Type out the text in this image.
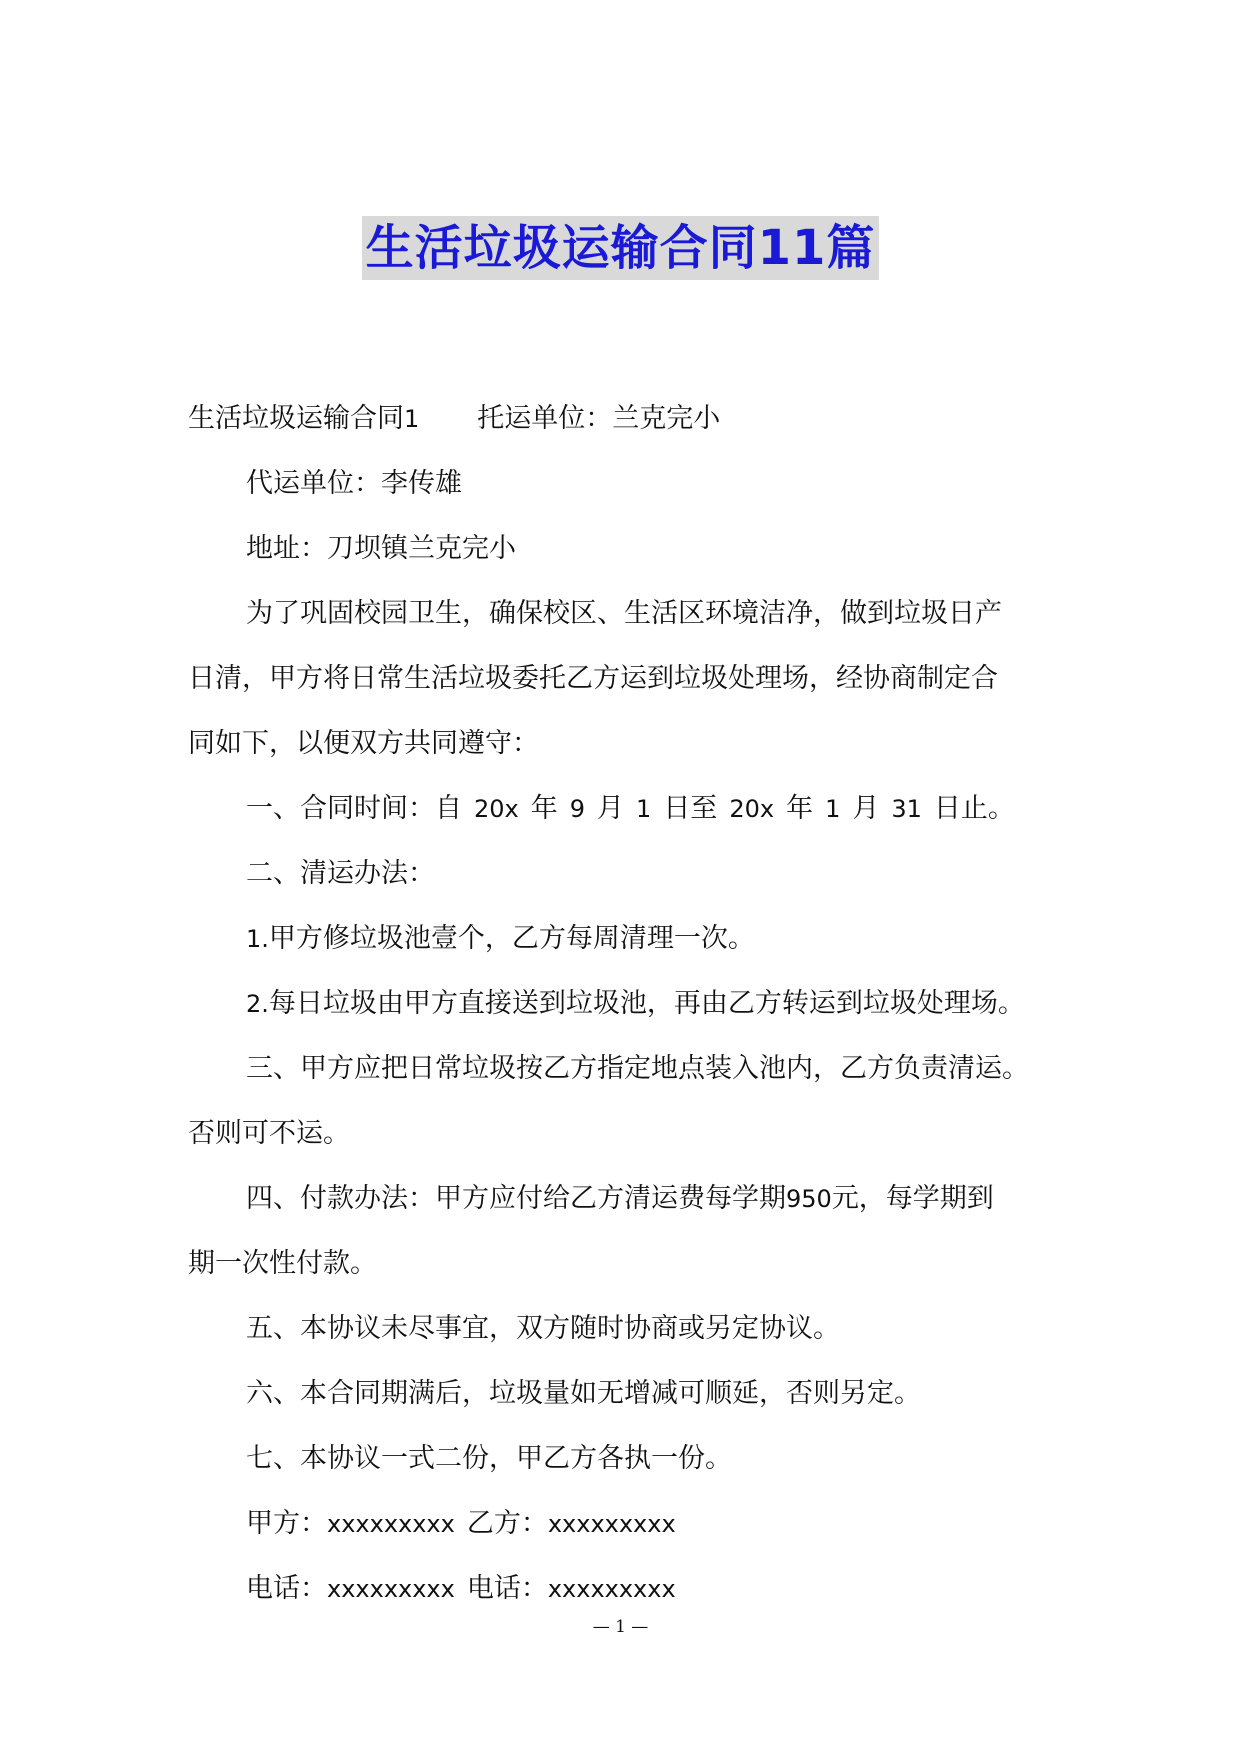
生活垃圾运输合同11篇
生活垃圾运输合同1 托运单位：兰克完小
代运单位：李传雄
地址：刀坝镇兰克完小
为了巩固校园卫生，确保校区、生活区环境洁净，做到垃圾日产
日清，甲方将日常生活垃圾委托乙方运到垃圾处理场，经协商制定合
同如下，以便双方共同遵守：
一、合同时间：自 20x 年 9 月 1 日至 20x 年 1 月 31 日止。
二、清运办法：
1.甲方修垃圾池壹个，乙方每周清理一次。
2.每日垃圾由甲方直接送到垃圾池，再由乙方转运到垃圾处理场。
三、甲方应把日常垃圾按乙方指定地点装入池内，乙方负责清运。
否则可不运。
四、付款办法：甲方应付给乙方清运费每学期950元，每学期到
期一次性付款。
五、本协议未尽事宜，双方随时协商或另定协议。
六、本合同期满后，垃圾量如无增减可顺延，否则另定。
七、本协议一式二份，甲乙方各执一份。
甲方：xxxxxxxxx 乙方：xxxxxxxxx
电话：xxxxxxxxx 电话：xxxxxxxxx
— 1 —
